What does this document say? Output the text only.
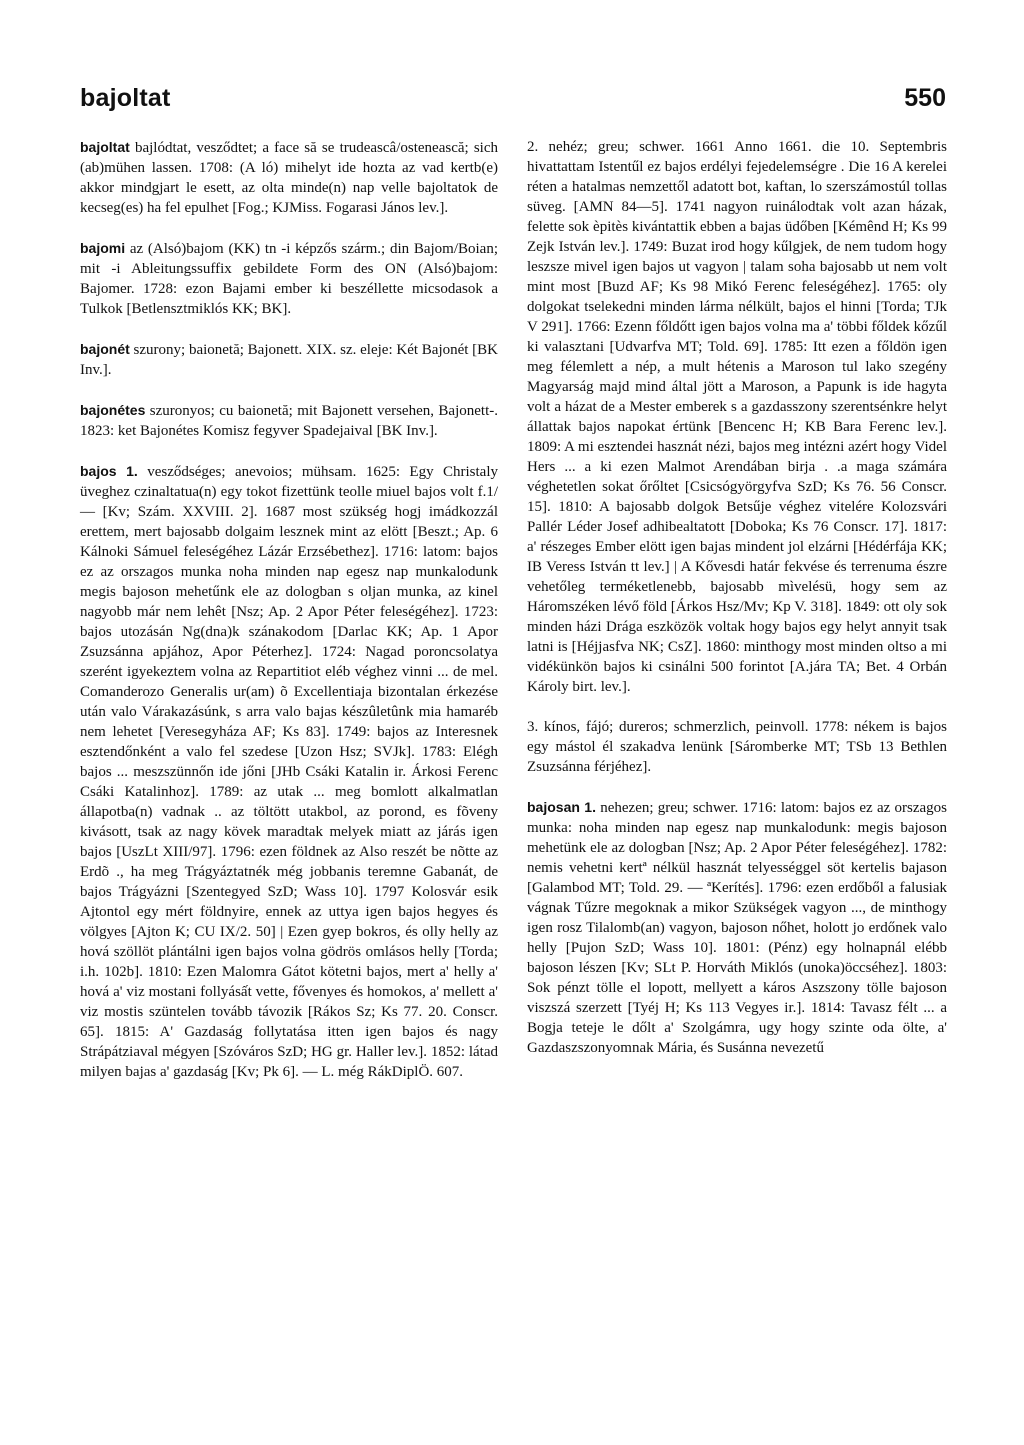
bajoltat	550

bajoltat bajlódtat, vesződtet; a face să se trudeascâ/ostenească; sich (ab)mühen lassen. 1708: (A ló) mihelyt ide hozta az vad kertb(e) akkor mindgjart le esett, az olta minde(n) nap velle bajoltatok de kecseg(es) ha fel epulhet [Fog.; KJMiss. Fogarasi János lev.].

bajomi az (Alsó)bajom (KK) tn -i képzős szárm.; din Bajom/Boian; mit -i Ableitungssuffix gebildete Form des ON (Alsó)bajom: Bajomer. 1728: ezon Bajami ember ki beszéllette micsodasok a Tulkok [Betlensztmiklós KK; BK].

bajonét szurony; baionetă; Bajonett. XIX. sz. eleje: Két Bajonét [BK Inv.].

bajonétes szuronyos; cu baionetă; mit Bajonett versehen, Bajonett-. 1823: ket Bajonétes Komisz fegyver Spadejaival [BK Inv.].

bajos 1. vesződséges; anevoios; mühsam. 1625: Egy Christaly üveghez czinaltatua(n) egy tokot fizettünk teolle miuel bajos volt f.1/ — [Kv; Szám. XXVIII. 2]. 1687 most szükség hogj imádkozzál erettem, mert bajosabb dolgaim lesznek mint az elött [Beszt.; Ap. 6 Kálnoki Sámuel feleségéhez Lázár Erzsébethez]. 1716: latom: bajos ez az orszagos munka noha minden nap egesz nap munkalodunk megis bajoson mehetűnk ele az dologban s oljan munka, az kinel nagyobb már nem lehêt [Nsz; Ap. 2 Apor Péter feleségéhez]. 1723: bajos utozásán Ng(dna)k szánakodom [Darlac KK; Ap. 1 Apor Zsuzsánna apjához, Apor Péterhez]. 1724: Nagad poroncsolatya szerént igyekeztem volna az Repartitiot eléb véghez vinni ... de mel. Comanderozo Generalis ur(am) õ Excellentiaja bizontalan érkezése után valo Várakazásúnk, s arra valo bajas készûletûnk mia hamaréb nem lehetet [Veresegyháza AF; Ks 83]. 1749: bajos az Interesnek esztendőnként a valo fel szedese [Uzon Hsz; SVJk]. 1783: Elégh bajos ... meszszünnőn ide jőni [JHb Csáki Katalin ir. Árkosi Ferenc Csáki Katalinhoz]. 1789: az utak ... meg bomlott alkalmatlan állapotba(n) vadnak .. az töltött utakbol, az porond, es fõveny kivásott, tsak az nagy kövek maradtak melyek miatt az járás igen bajos [UszLt XIII/97]. 1796: ezen földnek az Also reszét be nõtte az Erdõ ., ha meg Trágyáztatnék még jobbanis teremne Gabanát, de bajos Trágyázni [Szentegyed SzD; Wass 10]. 1797 Kolosvár esik Ajtontol egy mért földnyire, ennek az uttya igen bajos hegyes és völgyes [Ajton K; CU IX/2. 50] | Ezen gyep bokros, és olly helly az hová szöllöt plántálni igen bajos volna gödrös omlásos helly [Torda; i.h. 102b]. 1810: Ezen Malomra Gátot kötetni bajos, mert a' helly a' hová a' viz mostani follyásất vette, fővenyes és homokos, a' mellett a' viz mostis szüntelen tovább távozik [Rákos Sz; Ks 77. 20. Conscr. 65]. 1815: A' Gazdaság follytatása itten igen bajos és nagy Strápátziaval mégyen [Szóváros SzD; HG gr. Haller lev.]. 1852: látad milyen bajas a' gazdaság [Kv; Pk 6]. — L. még RákDiplÖ. 607.

2. nehéz; greu; schwer. 1661 Anno 1661. die 10. Septembris hivattattam Istentűl ez bajos erdélyi fejedelemségre . Die 16 A kerelei réten a hatalmas nemzettől adatott bot, kaftan, lo szerszámostúl tollas süveg. [AMN 84—5]. 1741 nagyon ruinálodtak volt azan házak, felette sok èpitès kivántattik ebben a bajas üdőben [Kémênd H; Ks 99 Zejk István lev.]. 1749: Buzat irod hogy kűlgjek, de nem tudom hogy leszsze mivel igen bajos ut vagyon | talam soha bajosabb ut nem volt mint most [Buzd AF; Ks 98 Mikó Ferenc feleségéhez]. 1765: oly dolgokat tselekedni minden lárma nélkült, bajos el hinni [Torda; TJk V 291]. 1766: Ezenn főldőtt igen bajos volna ma a' többi főldek kőzűl ki valasztani [Udvarfva MT; Told. 69]. 1785: Itt ezen a főldön igen meg félemlett a nép, a mult hétenis a Maroson tul lako szegény Magyarság majd mind által jött a Maroson, a Papunk is ide hagyta volt a házat de a Mester emberek s a gazdasszony szerentsénkre helyt állattak bajos napokat értünk [Bencenc H; KB Bara Ferenc lev.]. 1809: A mi esztendei hasznát nézi, bajos meg intézni azért hogy Videl Hers ... a ki ezen Malmot Arendában birja . .a maga számára véghetetlen sokat őrőltet [Csicsógyörgyfva SzD; Ks 76. 56 Conscr. 15]. 1810: A bajosabb dolgok Betsűje véghez vitelére Kolozsvári Pallér Léder Josef adhibealtatott [Doboka; Ks 76 Conscr. 17]. 1817: a' részeges Ember elött igen bajas mindent jol elzárni [Hédérfája KK; IB Veress István tt lev.] | A Kővesdi határ fekvése és terrenuma észre vehetőleg terméketlenebb, bajosabb mìvelésü, hogy sem az Háromszéken lévő föld [Árkos Hsz/Mv; Kp V. 318]. 1849: ott oly sok minden házi Drága eszközök voltak hogy bajos egy helyt annyit tsak latni is [Héjjasfva NK; CsZ]. 1860: minthogy most minden oltso a mi vidékünkön bajos ki csinálni 500 forintot [A.jára TA; Bet. 4 Orbán Károly birt. lev.].

3. kínos, fájó; dureros; schmerzlich, peinvoll. 1778: nékem is bajos egy mástol él szakadva lenünk [Sáromberke MT; TSb 13 Bethlen Zsuzsánna férjéhez].

bajosan 1. nehezen; greu; schwer. 1716: latom: bajos ez az orszagos munka: noha minden nap egesz nap munkalodunk: megis bajoson mehetünk ele az dologban [Nsz; Ap. 2 Apor Péter feleségéhez]. 1782: nemis vehetni kertª nélkül hasznát telyességgel söt kertelis bajason [Galambod MT; Told. 29. — ªKerítés]. 1796: ezen erdőből a falusiak vágnak Tűzre megoknak a mikor Szükségek vagyon ..., de minthogy igen rosz Tilalomb(an) vagyon, bajoson nőhet, holott jo erdőnek valo helly [Pujon SzD; Wass 10]. 1801: (Pénz) egy holnapnál elébb bajoson lészen [Kv; SLt P. Horváth Miklós (unoka)öccséhez]. 1803: Sok pénzt tölle el lopott, mellyett a káros Aszszony tölle bajoson viszszá szerzett [Tyéj H; Ks 113 Vegyes ir.]. 1814: Tavasz félt ... a Bogja teteje le dőlt a' Szolgámra, ugy hogy szinte oda öltе, a' Gazdaszszonyomnak Mária, és Susánna nevezetű
